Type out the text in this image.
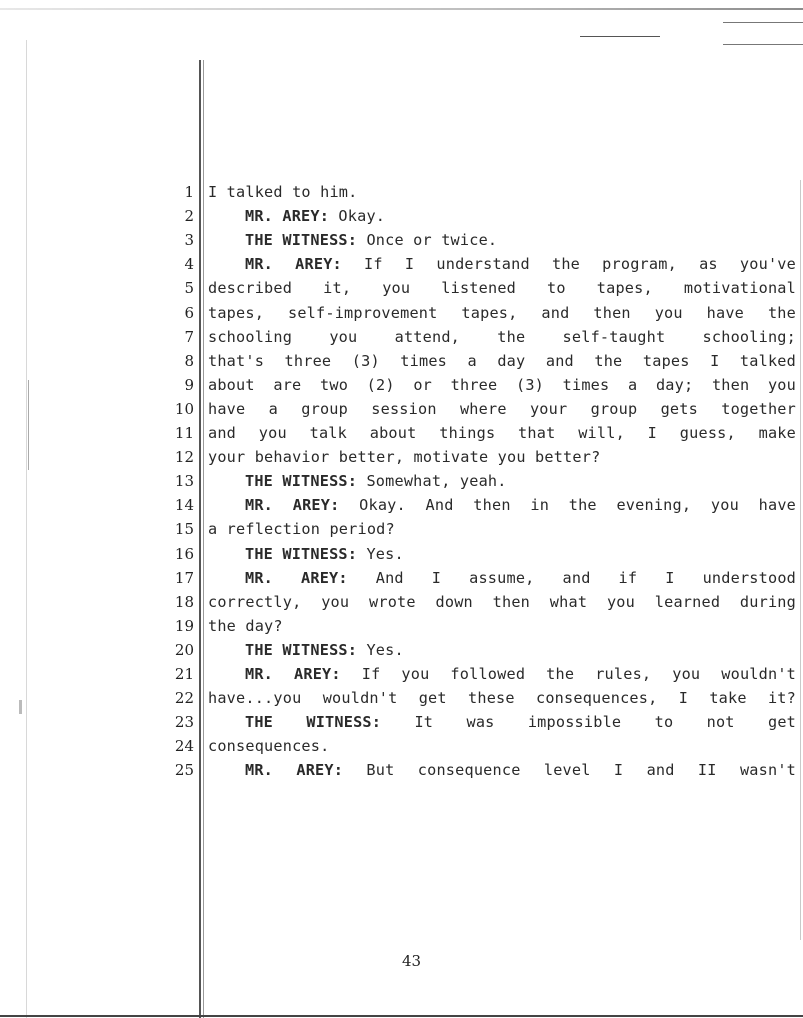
1 I talked to him.
2	MR. AREY: Okay.
3	THE WITNESS: Once or twice.
4	MR. AREY: If I understand the program, as you've
5 described it, you listened to tapes, motivational
6 tapes, self-improvement tapes, and then you have the
7 schooling you attend, the self-taught schooling;
8 that's three (3) times a day and the tapes I talked
9 about are two (2) or three (3) times a day; then you
10 have a group session where your group gets together
11 and you talk about things that will, I guess, make
12 your behavior better, motivate you better?
13	THE WITNESS: Somewhat, yeah.
14	MR. AREY: Okay. And then in the evening, you have
15 a reflection period?
16	THE WITNESS: Yes.
17	MR. AREY: And I assume, and if I understood
18 correctly, you wrote down then what you learned during
19 the day?
20	THE WITNESS: Yes.
21	MR. AREY: If you followed the rules, you wouldn't
22 have...you wouldn't get these consequences, I take it?
23	THE WITNESS: It was impossible to not get
24 consequences.
25	MR. AREY: But consequence level I and II wasn't
43
